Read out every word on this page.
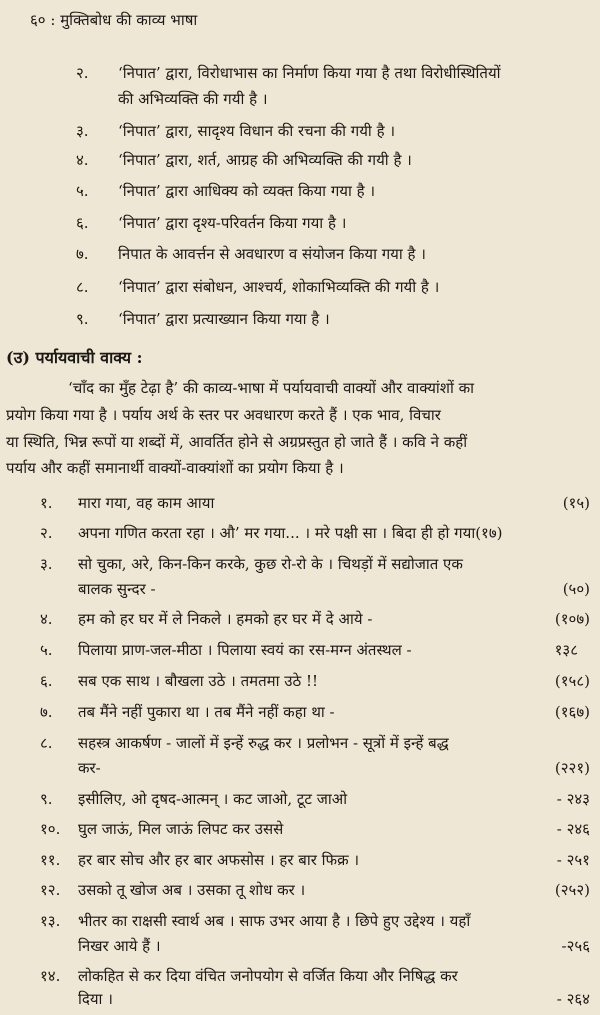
६० : मुक्तिबोध की काव्य भाषा
२. ‘निपात’ द्वारा, विरोधाभास का निर्माण किया गया है तथा विरोधीस्थितियों
की अभिव्यक्ति की गयी है ।
३. ‘निपात’ द्वारा, सादृश्य विधान की रचना की गयी है ।
४. ‘निपात’ द्वारा, शर्त, आग्रह की अभिव्यक्ति की गयी है ।
५. ‘निपात’ द्वारा आधिक्य को व्यक्त किया गया है ।
६. ‘निपात’ द्वारा दृश्य-परिवर्तन किया गया है ।
७. निपात के आवर्त्तन से अवधारण व संयोजन किया गया है ।
८. ‘निपात’ द्वारा संबोधन, आश्चर्य, शोकाभिव्यक्ति की गयी है ।
९. ‘निपात’ द्वारा प्रत्याख्यान किया गया है ।
(उ) पर्यायवाची वाक्य :
‘चाँद का मुँह टेढ़ा है’ की काव्य-भाषा में पर्यायवाची वाक्यों और वाक्यांशों का
प्रयोग किया गया है । पर्याय अर्थ के स्तर पर अवधारण करते हैं । एक भाव, विचार
या स्थिति, भिन्न रूपों या शब्दों में, आवर्तित होने से अग्रप्रस्तुत हो जाते हैं । कवि ने कहीं
पर्याय और कहीं समानार्थी वाक्यों-वाक्यांशों का प्रयोग किया है ।
१. मारा गया, वह काम आया	(१५)
२. अपना गणित करता रहा । औ’ मर गया... । मरे पक्षी सा । बिदा ही हो गया(१७)
३. सो चुका, अरे, किन-किन करके, कुछ रो-रो के । चिथड़ों में सद्योजात एक
बालक सुन्दर -	(५०)
४. हम को हर घर में ले निकले । हमको हर घर में दे आये -	(१०७)
५. पिलाया प्राण-जल-मीठा । पिलाया स्वयं का रस-मग्न अंतस्थल -	१३८
६. सब एक साथ । बौखला उठे । तमतमा उठे !!	(१५८)
७. तब मैंने नहीं पुकारा था । तब मैंने नहीं कहा था -	(१६७)
८. सहस्त्र आकर्षण - जालों में इन्हें रुद्ध कर । प्रलोभन - सूत्रों में इन्हें बद्ध
कर-	(२२१)
९. इसीलिए, ओ दृषद-आत्मन् । कट जाओ, टूट जाओ	- २४३
१०. घुल जाऊं, मिल जाऊं लिपट कर उससे	- २४६
११. हर बार सोच और हर बार अफसोस । हर बार फिक्र ।	- २५१
१२. उसको तू खोज अब । उसका तू शोध कर ।	(२५२)
१३. भीतर का राक्षसी स्वार्थ अब । साफ उभर आया है । छिपे हुए उद्देश्य । यहाँ
निखर आये हैं ।	-२५६
१४. लोकहित से कर दिया वंचित जनोपयोग से वर्जित किया और निषिद्ध कर
दिया ।	- २६४
